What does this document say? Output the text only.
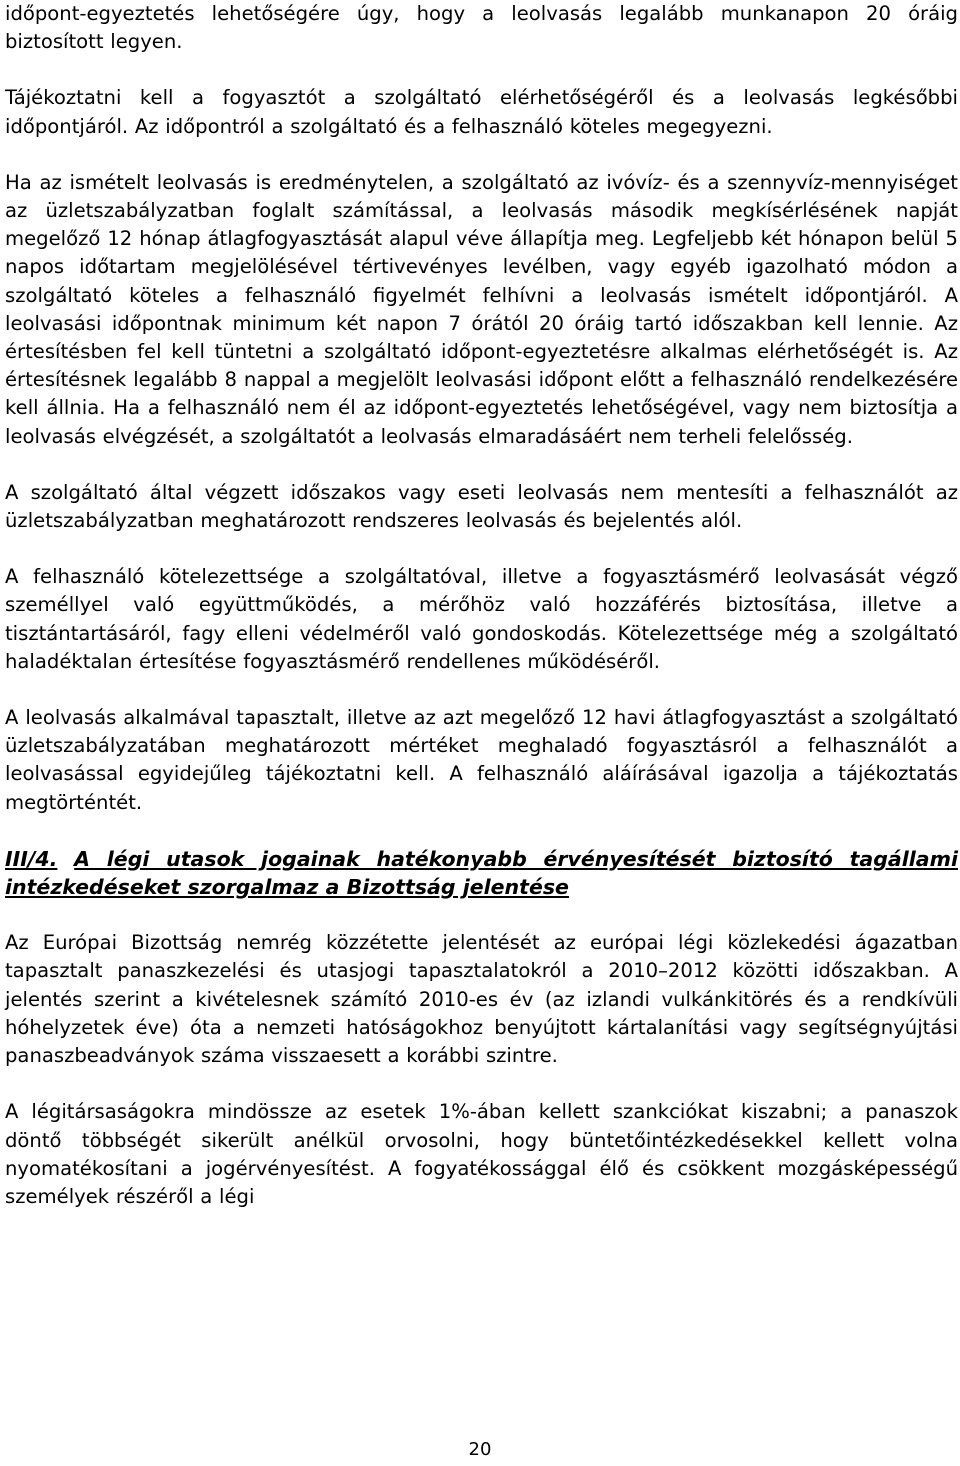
időpont-egyeztetés lehetőségére úgy, hogy a leolvasás legalább munkanapon 20 óráig biztosított legyen.

Tájékoztatni kell a fogyasztót a szolgáltató elérhetőségéről és a leolvasás legkésőbbi időpontjáról. Az időpontról a szolgáltató és a felhasználó köteles megegyezni.

Ha az ismételt leolvasás is eredménytelen, a szolgáltató az ivóvíz- és a szennyvíz-mennyiséget az üzletszabályzatban foglalt számítással, a leolvasás második megkísérlésének napját megelőző 12 hónap átlagfogyasztását alapul véve állapítja meg. Legfeljebb két hónapon belül 5 napos időtartam megjelölésével tértivevényes levélben, vagy egyéb igazolható módon a szolgáltató köteles a felhasználó figyelmét felhívni a leolvasás ismételt időpontjáról. A leolvasási időpontnak minimum két napon 7 órától 20 óráig tartó időszakban kell lennie. Az értesítésben fel kell tüntetni a szolgáltató időpont-egyeztetésre alkalmas elérhetőségét is. Az értesítésnek legalább 8 nappal a megjelölt leolvasási időpont előtt a felhasználó rendelkezésére kell állnia. Ha a felhasználó nem él az időpont-egyeztetés lehetőségével, vagy nem biztosítja a leolvasás elvégzését, a szolgáltatót a leolvasás elmaradásáért nem terheli felelősség.

A szolgáltató által végzett időszakos vagy eseti leolvasás nem mentesíti a felhasználót az üzletszabályzatban meghatározott rendszeres leolvasás és bejelentés alól.

A felhasználó kötelezettsége a szolgáltatóval, illetve a fogyasztásmérő leolvasását végző személlyel való együttműködés, a mérőhöz való hozzáférés biztosítása, illetve a tisztántartásáról, fagy elleni védelméről való gondoskodás. Kötelezettsége még a szolgáltató haladéktalan értesítése fogyasztásmérő rendellenes működéséről.

A leolvasás alkalmával tapasztalt, illetve az azt megelőző 12 havi átlagfogyasztást a szolgáltató üzletszabályzatában meghatározott mértéket meghaladó fogyasztásról a felhasználót a leolvasással egyidejűleg tájékoztatni kell. A felhasználó aláírásával igazolja a tájékoztatás megtörténtét.

III/4. A légi utasok jogainak hatékonyabb érvényesítését biztosító tagállami intézkedéseket szorgalmaz a Bizottság jelentése

Az Európai Bizottság nemrég közzétette jelentését az európai légi közlekedési ágazatban tapasztalt panaszkezelési és utasjogi tapasztalatokról a 2010–2012 közötti időszakban. A jelentés szerint a kivételesnek számító 2010-es év (az izlandi vulkánkitörés és a rendkívüli hóhelyzetek éve) óta a nemzeti hatóságokhoz benyújtott kártalanítási vagy segítségnyújtási panaszbeadványok száma visszaesett a korábbi szintre.

A légitársaságokra mindössze az esetek 1%-ában kellett szankciókat kiszabni; a panaszok döntő többségét sikerült anélkül orvosolni, hogy büntetőintézkedésekkel kellett volna nyomatékosítani a jogérvényesítést. A fogyatékossággal élő és csökkent mozgásképességű személyek részéről a légi

20
